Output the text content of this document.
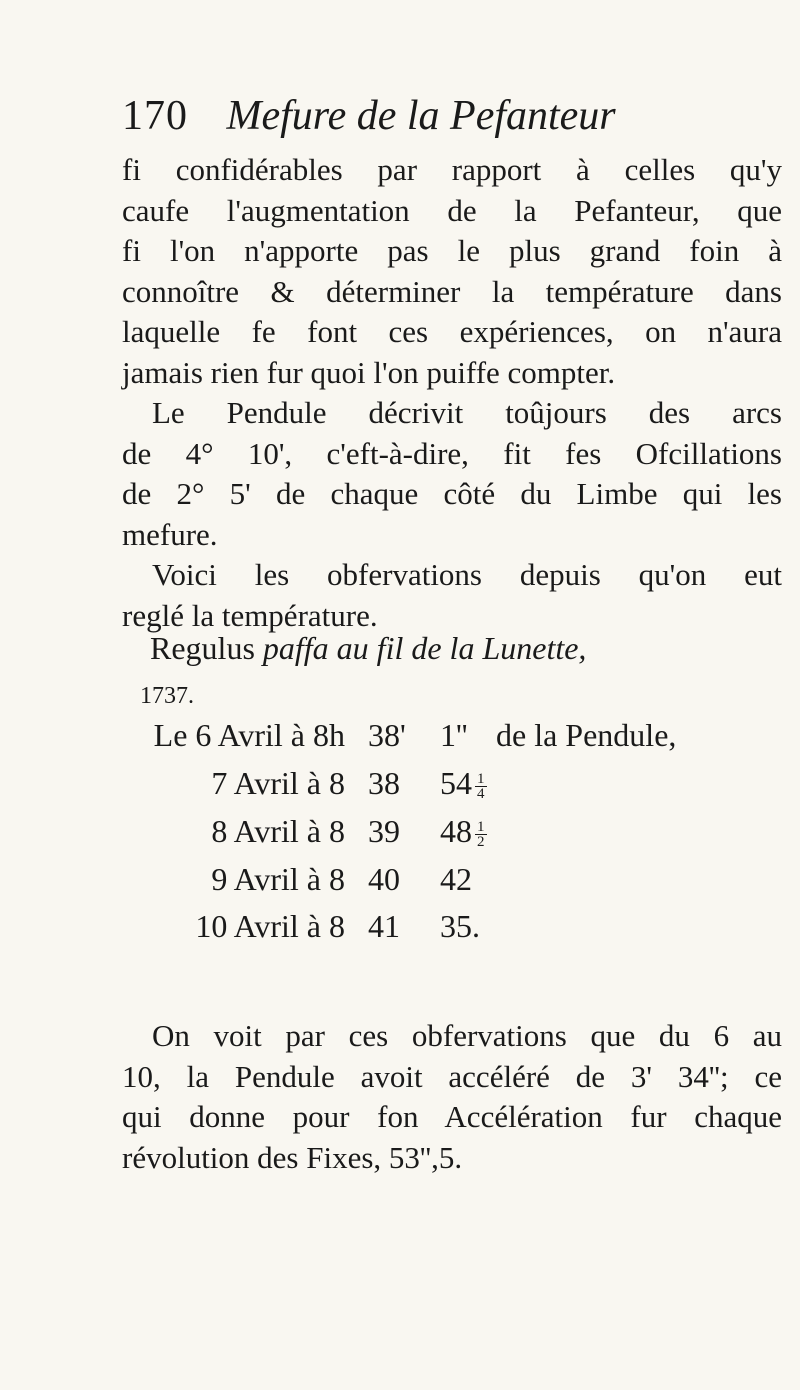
170 Mefure de la Pefanteur
fi confidérables par rapport à celles qu'y
caufe l'augmentation de la Pefanteur, que
fi l'on n'apporte pas le plus grand foin à
connoître & déterminer la température dans
laquelle fe font ces expériences, on n'aura
jamais rien fur quoi l'on puiffe compter.
Le Pendule décrivit toûjours des arcs
de 4° 10', c'eft-à-dire, fit fes Ofcillations
de 2° 5' de chaque côté du Limbe qui les
mefure.
Voici les obfervations depuis qu'on eut
reglé la température.
Regulus paffa au fil de la Lunette,
1737.
Le 6 Avril à 8h 38' 1'' de la Pendule,
7 Avril à 8 38 $54 \frac{1}{4}$
8 Avril à 8 39 $48 \frac{1}{2}$
9 Avril à 8 40 42
10 Avril à 8 41 35.
On voit par ces obfervations que du 6 au
10, la Pendule avoit accéléré de 3' 34''; ce
qui donne pour fon Accélération fur chaque
révolution des Fixes, 53'',5.
